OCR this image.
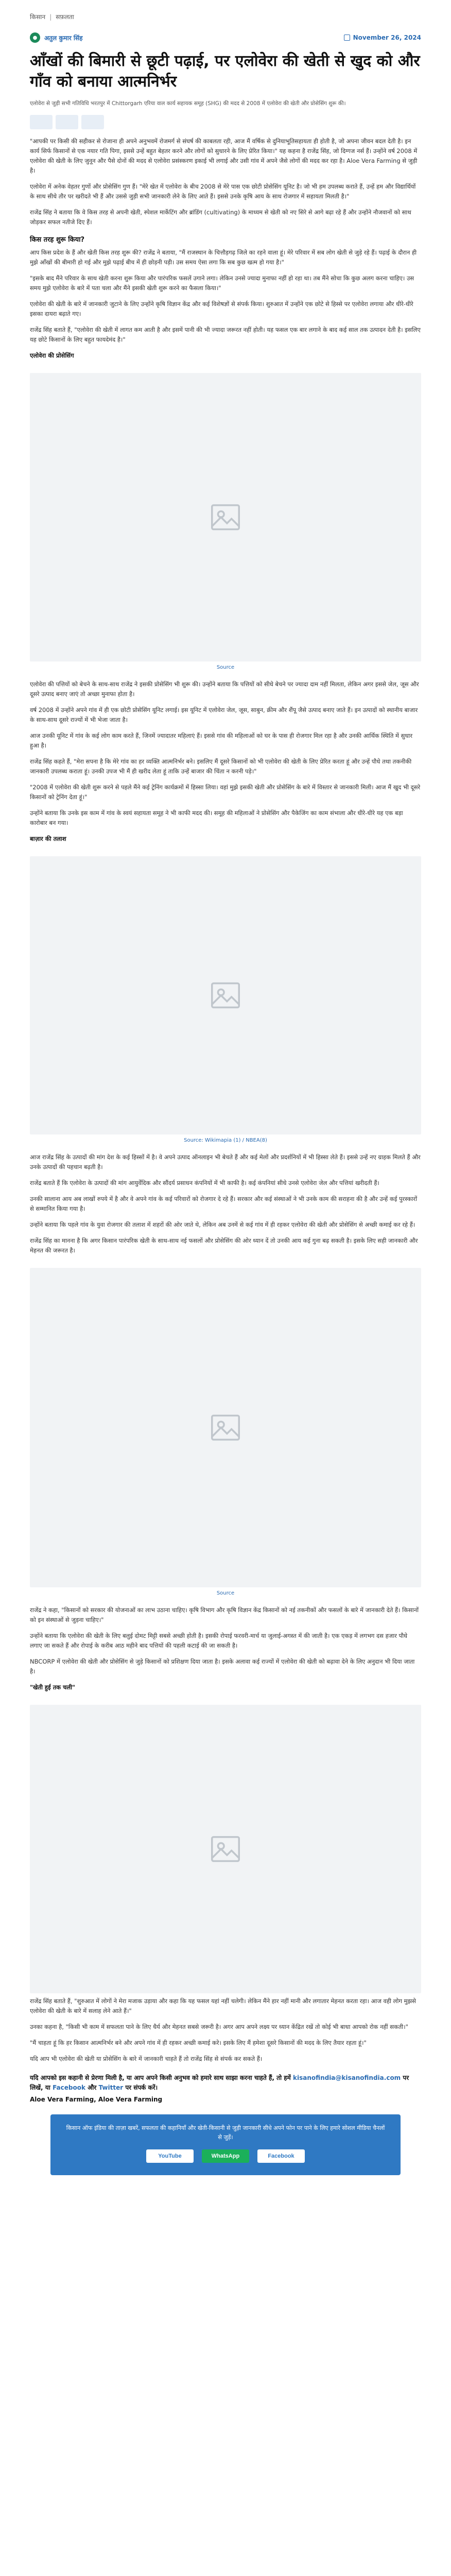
किसान | सफ़लता
●	अतुल कुमार सिंह	November 26, 2024
आँखों की बिमारी से छूटी पढ़ाई, पर एलोवेरा की खेती से खुद को और गाँव को बनाया आत्मनिर्भर

एलोवेरा से जुड़ी सभी गतिविधि भरतपुर में Chittorgarh एरिया वाल कार्य सहायक समूह (SHG) की मदद से 2008 में एलोवेरा की खेती और प्रोसेसिंग शुरू की।

"आपकी पर किसी की सहीकर से रोजाना ही अपने अनुभवमें रोजमर्ग से संघर्ष की काबलता रही, आज मैं वर्षिक से दुनियाभूतिसहायता ही होती है, जो अपना जीवन बदल देती है। इन कार्य सिर्फ किसानों से एक नयार गति पिगा, इससे उन्हें बहुत बेहतर करने और लोगों को सुधारने के लिए प्रेरित किया।" यह कहना है राजेंद्र सिंह, जो दिग्गज नर्स हैं। उन्होंने वर्ष 2008 में एलोवेरा की खेती के लिए जुनून और पैसे दोनों की मदद से एलोवेरा प्रसंस्करण इकाई भी लगाई और उसी गांव में अपने जैसे लोगों की मदद कर रहा है। Aloe Vera Farming से जुड़ी है।

एलोवेरा में अनेक वेहतर गुणों और प्रोसेसिंग गुण हैं। "मेरे खेत में एलोवेरा के बीच 2008 से मेरे पास एक छोटी प्रोसेसिंग यूनिट है। जो भी हम उपलब्ध कराते हैं, उन्हें हम और विद्यार्थियों के साथ सीधे तौर पर खरीदते भी हैं और उससे जुड़ी सभी जानकारी लेने के लिए आते हैं। इससे उनके कृषि आय के साथ रोजगार में सहायता मिलती है।"

राजेंद्र सिंह ने बताया कि वे किस तरह से अपनी खेती, स्पेशल मार्केटिंग और ब्रांडिंग (cultivating) के माध्यम से खेती को नए सिरे से आगे बढ़ा रहे हैं और उन्होंने नौजवानों को साथ जोड़कर सफल नतीजे दिए हैं।

किस तरह शुरू किया?

आप किस प्रदेश के हैं और खेती किस तरह शुरू की? राजेंद्र ने बताया, "मैं राजस्थान के चित्तौड़गढ़ जिले का रहने वाला हूं। मेरे परिवार में सब लोग खेती से जुड़े रहे हैं। पढ़ाई के दौरान ही मुझे आँखों की बीमारी हो गई और मुझे पढ़ाई बीच में ही छोड़नी पड़ी। उस समय ऐसा लगा कि सब कुछ खत्म हो गया है।"

"इसके बाद मैंने परिवार के साथ खेती करना शुरू किया और पारंपरिक फसलें उगाने लगा। लेकिन उनसे ज्यादा मुनाफा नहीं हो रहा था। तब मैंने सोचा कि कुछ अलग करना चाहिए। उस समय मुझे एलोवेरा के बारे में पता चला और मैंने इसकी खेती शुरू करने का फैसला किया।"

एलोवेरा की खेती के बारे में जानकारी जुटाने के लिए उन्होंने कृषि विज्ञान केंद्र और कई विशेषज्ञों से संपर्क किया। शुरुआत में उन्होंने एक छोटे से हिस्से पर एलोवेरा लगाया और धीरे-धीरे इसका दायरा बढ़ाते गए।

राजेंद्र सिंह बताते हैं, "एलोवेरा की खेती में लागत कम आती है और इसमें पानी की भी ज्यादा जरूरत नहीं होती। यह फसल एक बार लगाने के बाद कई साल तक उत्पादन देती है। इसलिए यह छोटे किसानों के लिए बहुत फायदेमंद है।"

एलोवेरा की प्रोसेसिंग

Source

एलोवेरा की पत्तियों को बेचने के साथ-साथ राजेंद्र ने इसकी प्रोसेसिंग भी शुरू की। उन्होंने बताया कि पत्तियों को सीधे बेचने पर ज्यादा दाम नहीं मिलता, लेकिन अगर इससे जेल, जूस और दूसरे उत्पाद बनाए जाएं तो अच्छा मुनाफा होता है।

वर्ष 2008 में उन्होंने अपने गांव में ही एक छोटी प्रोसेसिंग यूनिट लगाई। इस यूनिट में एलोवेरा जेल, जूस, साबुन, क्रीम और शैंपू जैसे उत्पाद बनाए जाते हैं। इन उत्पादों को स्थानीय बाजार के साथ-साथ दूसरे राज्यों में भी भेजा जाता है।

आज उनकी यूनिट में गांव के कई लोग काम करते हैं, जिनमें ज्यादातर महिलाएं हैं। इससे गांव की महिलाओं को घर के पास ही रोजगार मिल रहा है और उनकी आर्थिक स्थिति में सुधार हुआ है।

राजेंद्र सिंह कहते हैं, "मेरा सपना है कि मेरे गांव का हर व्यक्ति आत्मनिर्भर बने। इसलिए मैं दूसरे किसानों को भी एलोवेरा की खेती के लिए प्रेरित करता हूं और उन्हें पौधे तथा तकनीकी जानकारी उपलब्ध कराता हूं। उनकी उपज भी मैं ही खरीद लेता हूं ताकि उन्हें बाजार की चिंता न करनी पड़े।"

"2008 में एलोवेरा की खेती शुरू करने से पहले मैंने कई ट्रेनिंग कार्यक्रमों में हिस्सा लिया। वहां मुझे इसकी खेती और प्रोसेसिंग के बारे में विस्तार से जानकारी मिली। आज मैं खुद भी दूसरे किसानों को ट्रेनिंग देता हूं।"

उन्होंने बताया कि उनके इस काम में गांव के स्वयं सहायता समूह ने भी काफी मदद की। समूह की महिलाओं ने प्रोसेसिंग और पैकेजिंग का काम संभाला और धीरे-धीरे यह एक बड़ा कारोबार बन गया।

बाज़ार की तलाश

Source: Wikimapia (1) / NBEA(8)

आज राजेंद्र सिंह के उत्पादों की मांग देश के कई हिस्सों में है। वे अपने उत्पाद ऑनलाइन भी बेचते हैं और कई मेलों और प्रदर्शनियों में भी हिस्सा लेते हैं। इससे उन्हें नए ग्राहक मिलते हैं और उनके उत्पादों की पहचान बढ़ती है।

राजेंद्र बताते हैं कि एलोवेरा के उत्पादों की मांग आयुर्वेदिक और सौंदर्य प्रसाधन कंपनियों में भी काफी है। कई कंपनियां सीधे उनसे एलोवेरा जेल और पत्तियां खरीदती हैं।

उनकी सालाना आय अब लाखों रुपये में है और वे अपने गांव के कई परिवारों को रोजगार दे रहे हैं। सरकार और कई संस्थाओं ने भी उनके काम की सराहना की है और उन्हें कई पुरस्कारों से सम्मानित किया गया है।

उन्होंने बताया कि पहले गांव के युवा रोजगार की तलाश में शहरों की ओर जाते थे, लेकिन अब उनमें से कई गांव में ही रहकर एलोवेरा की खेती और प्रोसेसिंग से अच्छी कमाई कर रहे हैं।

राजेंद्र सिंह का मानना है कि अगर किसान पारंपरिक खेती के साथ-साथ नई फसलों और प्रोसेसिंग की ओर ध्यान दें तो उनकी आय कई गुना बढ़ सकती है। इसके लिए सही जानकारी और मेहनत की जरूरत है।

Source

राजेंद्र ने कहा, "किसानों को सरकार की योजनाओं का लाभ उठाना चाहिए। कृषि विभाग और कृषि विज्ञान केंद्र किसानों को नई तकनीकों और फसलों के बारे में जानकारी देते हैं। किसानों को इन संस्थाओं से जुड़ना चाहिए।"

उन्होंने बताया कि एलोवेरा की खेती के लिए बलुई दोमट मिट्टी सबसे अच्छी होती है। इसकी रोपाई फरवरी-मार्च या जुलाई-अगस्त में की जाती है। एक एकड़ में लगभग दस हजार पौधे लगाए जा सकते हैं और रोपाई के करीब आठ महीने बाद पत्तियों की पहली कटाई की जा सकती है।

NBCORP में एलोवेरा की खेती और प्रोसेसिंग से जुड़े किसानों को प्रशिक्षण दिया जाता है। इसके अलावा कई राज्यों में एलोवेरा की खेती को बढ़ावा देने के लिए अनुदान भी दिया जाता है।

"खेती हुई तक चली"

राजेंद्र सिंह बताते हैं, "शुरुआत में लोगों ने मेरा मजाक उड़ाया और कहा कि यह फसल यहां नहीं चलेगी। लेकिन मैंने हार नहीं मानी और लगातार मेहनत करता रहा। आज वही लोग मुझसे एलोवेरा की खेती के बारे में सलाह लेने आते हैं।"

उनका कहना है, "किसी भी काम में सफलता पाने के लिए धैर्य और मेहनत सबसे जरूरी है। अगर आप अपने लक्ष्य पर ध्यान केंद्रित रखें तो कोई भी बाधा आपको रोक नहीं सकती।"

"मैं चाहता हूं कि हर किसान आत्मनिर्भर बने और अपने गांव में ही रहकर अच्छी कमाई करे। इसके लिए मैं हमेशा दूसरे किसानों की मदद के लिए तैयार रहता हूं।"

यदि आप भी एलोवेरा की खेती या प्रोसेसिंग के बारे में जानकारी चाहते हैं तो राजेंद्र सिंह से संपर्क कर सकते हैं।

यदि आपको इस कहानी से प्रेरणा मिली है, या आप अपने किसी अनुभव को हमारे साथ साझा करना चाहते हैं, तो हमें kisanofindia@kisanofindia.com पर लिखें, या Facebook और Twitter पर संपर्क करें।
Aloe Vera Farming, Aloe Vera Farming
किसान ऑफ इंडिया की ताज़ा खबरें, सफलता की कहानियाँ और खेती-किसानी से जुड़ी जानकारी सीधे अपने फोन पर पाने के लिए हमारे सोशल मीडिया चैनलों से जुड़ें।
YouTube	WhatsApp	Facebook
